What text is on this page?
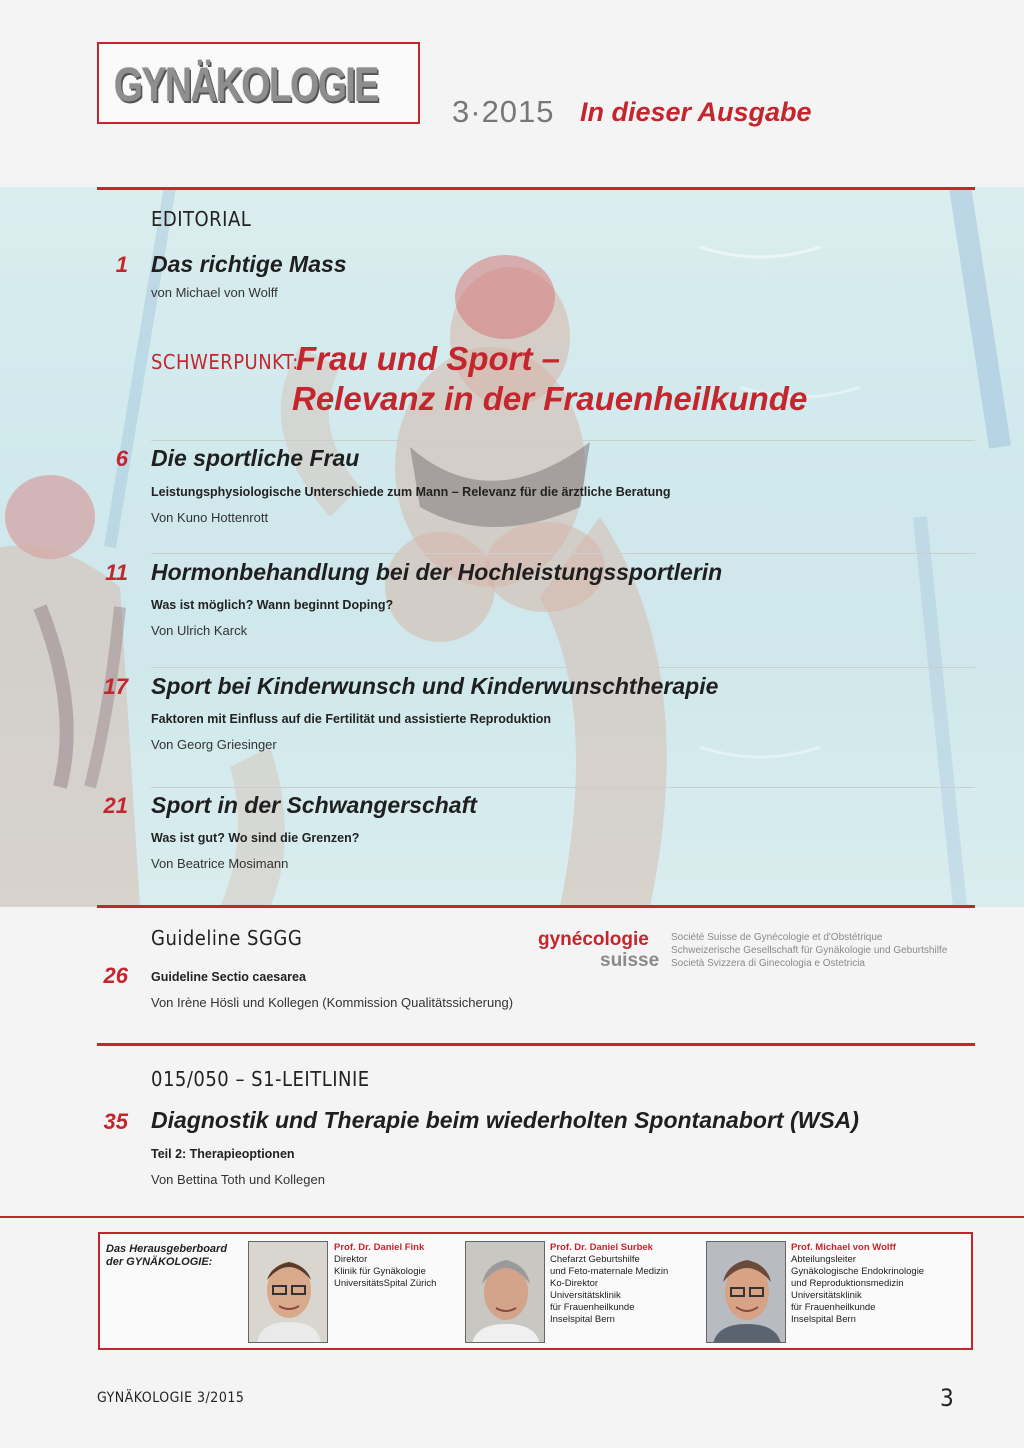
GYNÄKOLOGIE 3·2015 In dieser Ausgabe
EDITORIAL
1 Das richtige Mass
von Michael von Wolff
SCHWERPUNKT:
Frau und Sport –
Relevanz in der Frauenheilkunde
6 Die sportliche Frau
Leistungsphysiologische Unterschiede zum Mann – Relevanz für die ärztliche Beratung
Von Kuno Hottenrott
11 Hormonbehandlung bei der Hochleistungssportlerin
Was ist möglich? Wann beginnt Doping?
Von Ulrich Karck
17 Sport bei Kinderwunsch und Kinderwunschtherapie
Faktoren mit Einfluss auf die Fertilität und assistierte Reproduktion
Von Georg Griesinger
21 Sport in der Schwangerschaft
Was ist gut? Wo sind die Grenzen?
Von Beatrice Mosimann
Guideline SGGG
26 Guideline Sectio caesarea
Von Irène Hösli und Kollegen (Kommission Qualitätssicherung)
gynécologie
suisse
Société Suisse de Gynécologie et d'Obstétrique
Schweizerische Gesellschaft für Gynäkologie und Geburtshilfe
Società Svizzera di Ginecologia e Ostetricia
015/050 – S1-LEITLINIE
35 Diagnostik und Therapie beim wiederholten Spontanabort (WSA)
Teil 2: Therapieoptionen
Von Bettina Toth und Kollegen
Das Herausgeberboard
der GYNÄKOLOGIE:
Prof. Dr. Daniel Fink
Direktor
Klinik für Gynäkologie
UniversitätsSpital Zürich
Prof. Dr. Daniel Surbek
Chefarzt Geburtshilfe
und Feto-maternale Medizin
Ko-Direktor
Universitätsklinik
für Frauenheilkunde
Inselspital Bern
Prof. Michael von Wolff
Abteilungsleiter
Gynäkologische Endokrinologie
und Reproduktionsmedizin
Universitätsklinik
für Frauenheilkunde
Inselspital Bern
GYNÄKOLOGIE 3/2015	3
